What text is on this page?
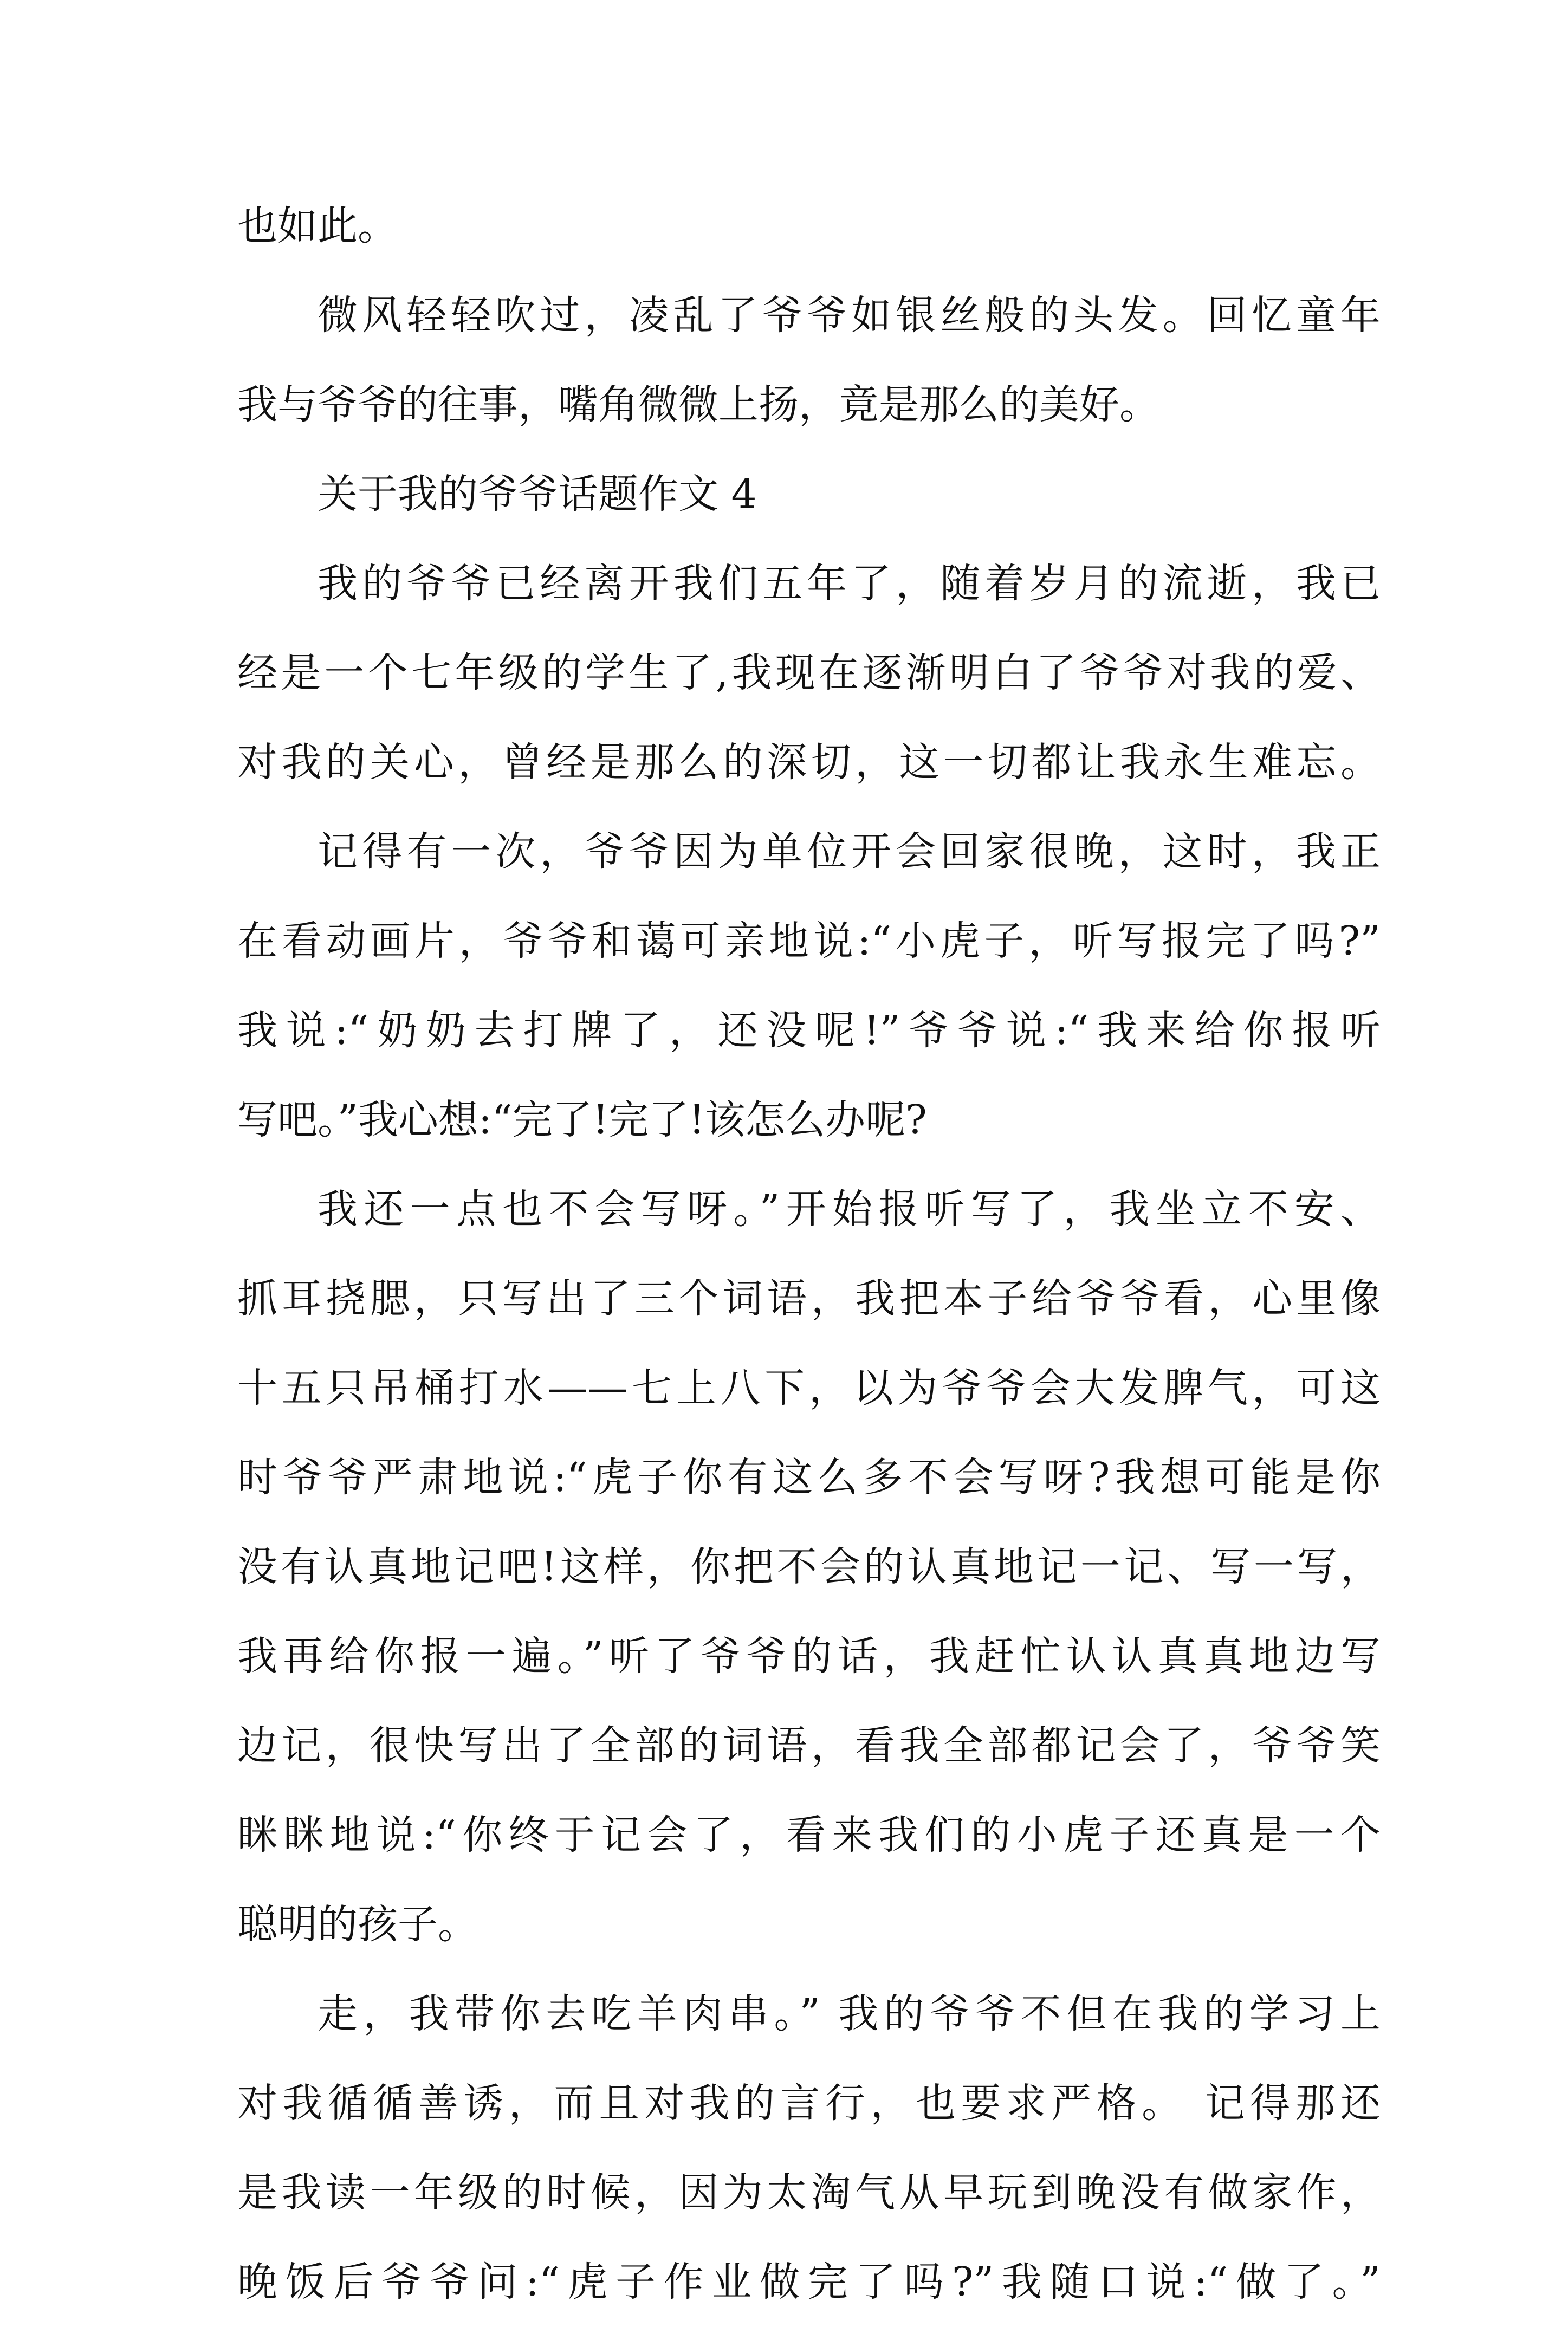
也如此。
微风轻轻吹过，凌乱了爷爷如银丝般的头发。回忆童年
我与爷爷的往事，嘴角微微上扬，竟是那么的美好。
关于我的爷爷话题作文 4
我的爷爷已经离开我们五年了，随着岁月的流逝，我已
经是一个七年级的学生了,我现在逐渐明白了爷爷对我的爱、
对我的关心，曾经是那么的深切，这一切都让我永生难忘。
记得有一次，爷爷因为单位开会回家很晚，这时，我正
在看动画片，爷爷和蔼可亲地说:“小虎子，听写报完了吗?”
我说:“奶奶去打牌了，还没呢!”爷爷说:“我来给你报听
写吧。”我心想:“完了!完了!该怎么办呢?
我还一点也不会写呀。”开始报听写了，我坐立不安、
抓耳挠腮，只写出了三个词语，我把本子给爷爷看，心里像
十五只吊桶打水——七上八下，以为爷爷会大发脾气，可这
时爷爷严肃地说:“虎子你有这么多不会写呀?我想可能是你
没有认真地记吧!这样，你把不会的认真地记一记、写一写，
我再给你报一遍。”听了爷爷的话，我赶忙认认真真地边写
边记，很快写出了全部的词语，看我全部都记会了，爷爷笑
眯眯地说:“你终于记会了，看来我们的小虎子还真是一个
聪明的孩子。
走，我带你去吃羊肉串。” 我的爷爷不但在我的学习上
对我循循善诱，而且对我的言行，也要求严格。 记得那还
是我读一年级的时候，因为太淘气从早玩到晚没有做家作，
晚饭后爷爷问:“虎子作业做完了吗?”我随口说:“做了。”
